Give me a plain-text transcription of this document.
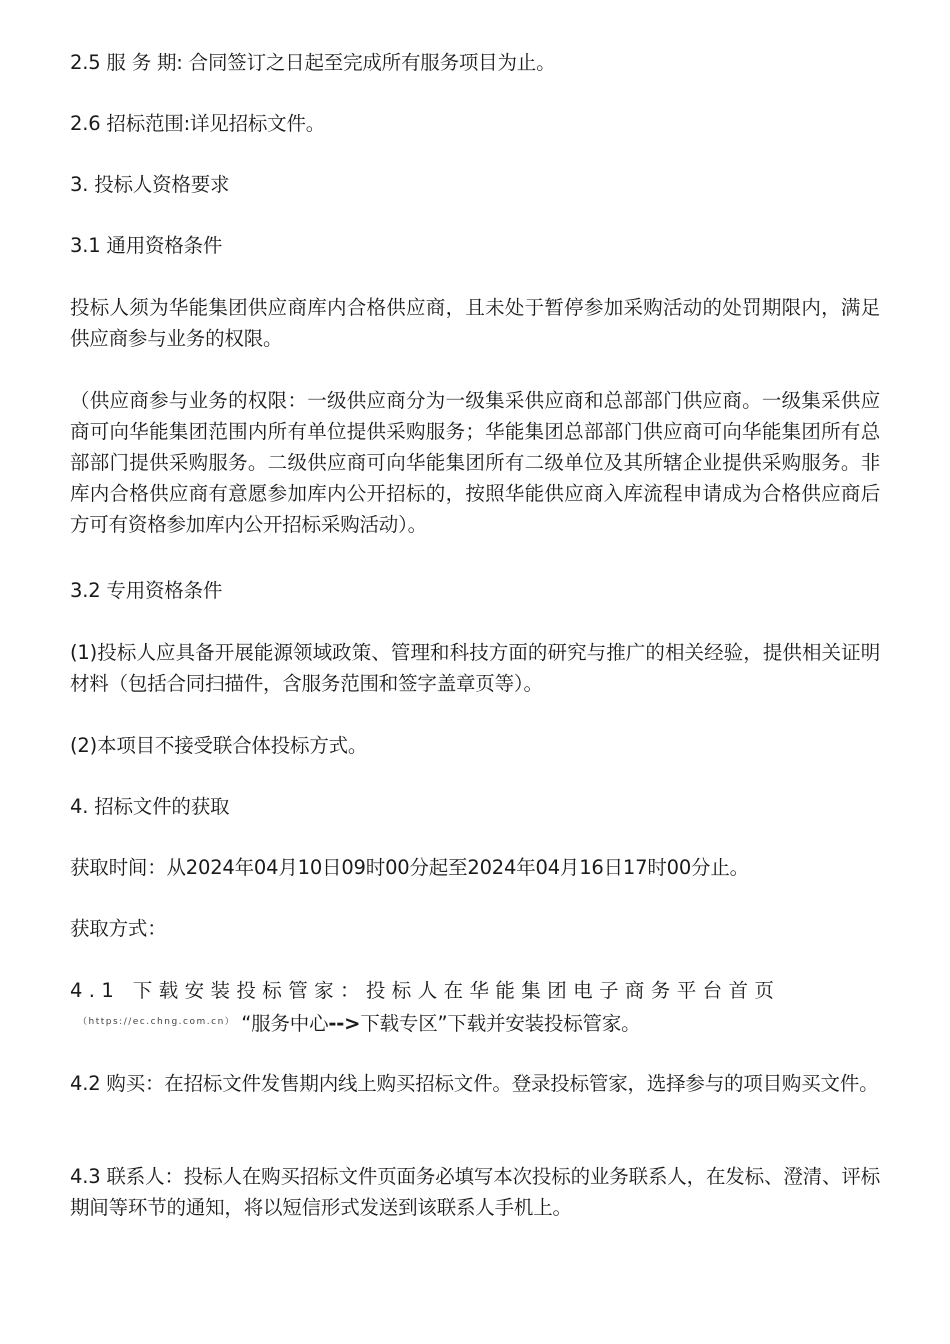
2.5 服 务 期: 合同签订之日起至完成所有服务项目为止。

2.6 招标范围:详见招标文件。

3. 投标人资格要求

3.1 通用资格条件

投标人须为华能集团供应商库内合格供应商，且未处于暂停参加采购活动的处罚期限内，满足供应商参与业务的权限。

（供应商参与业务的权限：一级供应商分为一级集采供应商和总部部门供应商。一级集采供应商可向华能集团范围内所有单位提供采购服务；华能集团总部部门供应商可向华能集团所有总部部门提供采购服务。二级供应商可向华能集团所有二级单位及其所辖企业提供采购服务。非库内合格供应商有意愿参加库内公开招标的，按照华能供应商入库流程申请成为合格供应商后方可有资格参加库内公开招标采购活动）。

3.2 专用资格条件

(1)投标人应具备开展能源领域政策、管理和科技方面的研究与推广的相关经验，提供相关证明材料（包括合同扫描件，含服务范围和签字盖章页等）。

(2)本项目不接受联合体投标方式。

4. 招标文件的获取

获取时间：从2024年04月10日09时00分起至2024年04月16日17时00分止。

获取方式：

4.1 下载安装投标管家：投标人在华能集团电子商务平台首页

$^{(https://ec.chng.com.cn)}$ “服务中心-->下载专区”下载并安装投标管家。

4.2 购买：在招标文件发售期内线上购买招标文件。登录投标管家，选择参与的项目购买文件。

4.3 联系人：投标人在购买招标文件页面务必填写本次投标的业务联系人，在发标、澄清、评标期间等环节的通知，将以短信形式发送到该联系人手机上。
